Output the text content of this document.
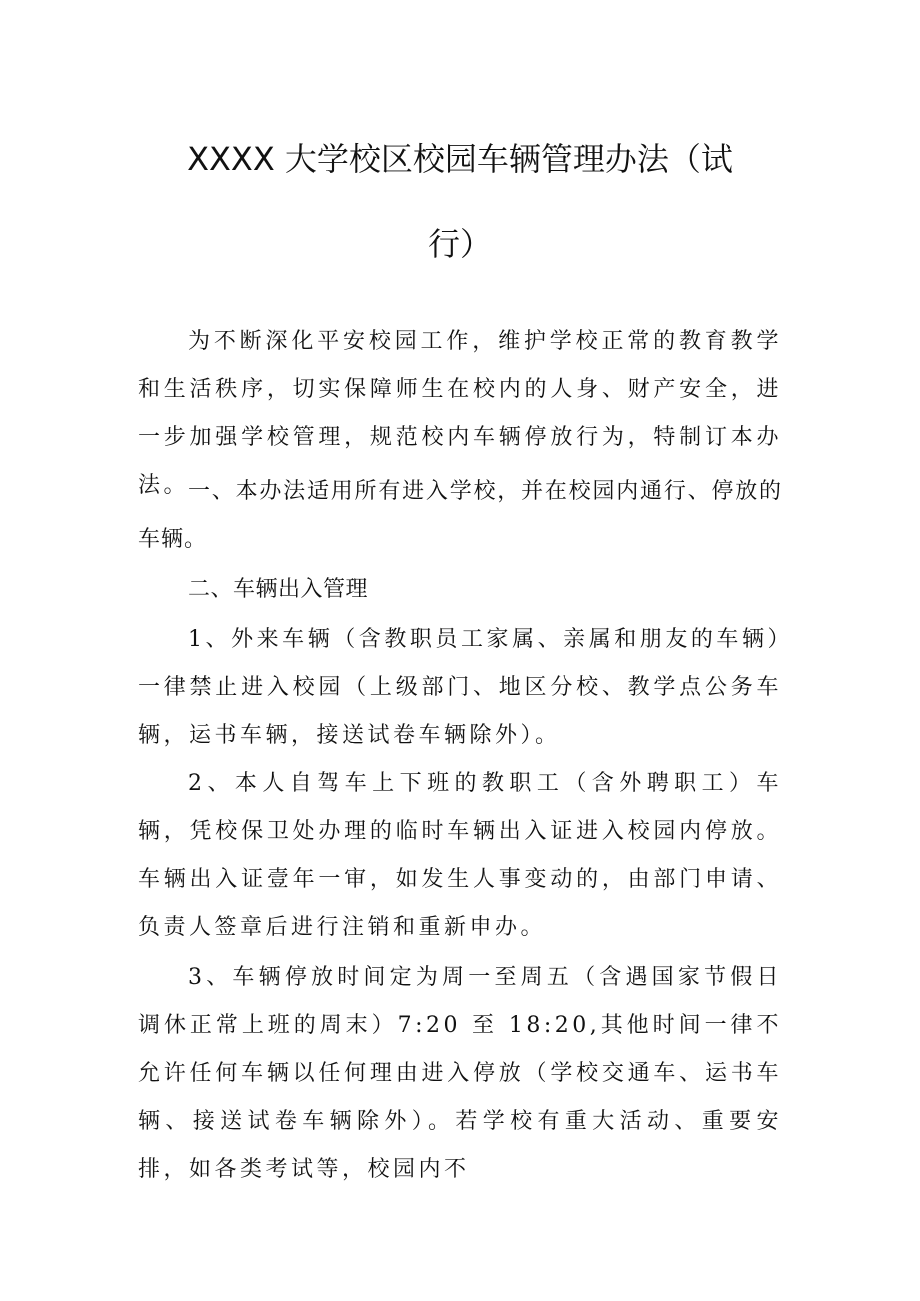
XXXX 大学校区校园车辆管理办法（试
行）

为不断深化平安校园工作，维护学校正常的教育教学和生活秩序，切实保障师生在校内的人身、财产安全，进一步加强学校管理，规范校内车辆停放行为，特制订本办法。

一、本办法适用所有进入学校，并在校园内通行、停放的车辆。

二、车辆出入管理

1、外来车辆（含教职员工家属、亲属和朋友的车辆）一律禁止进入校园（上级部门、地区分校、教学点公务车辆，运书车辆，接送试卷车辆除外）。

2、本人自驾车上下班的教职工（含外聘职工）车辆，凭校保卫处办理的临时车辆出入证进入校园内停放。车辆出入证壹年一审，如发生人事变动的，由部门申请、负责人签章后进行注销和重新申办。

3、车辆停放时间定为周一至周五（含遇国家节假日调休正常上班的周末）7:20 至 18:20,其他时间一律不允许任何车辆以任何理由进入停放（学校交通车、运书车辆、接送试卷车辆除外）。若学校有重大活动、重要安排，如各类考试等，校园内不
